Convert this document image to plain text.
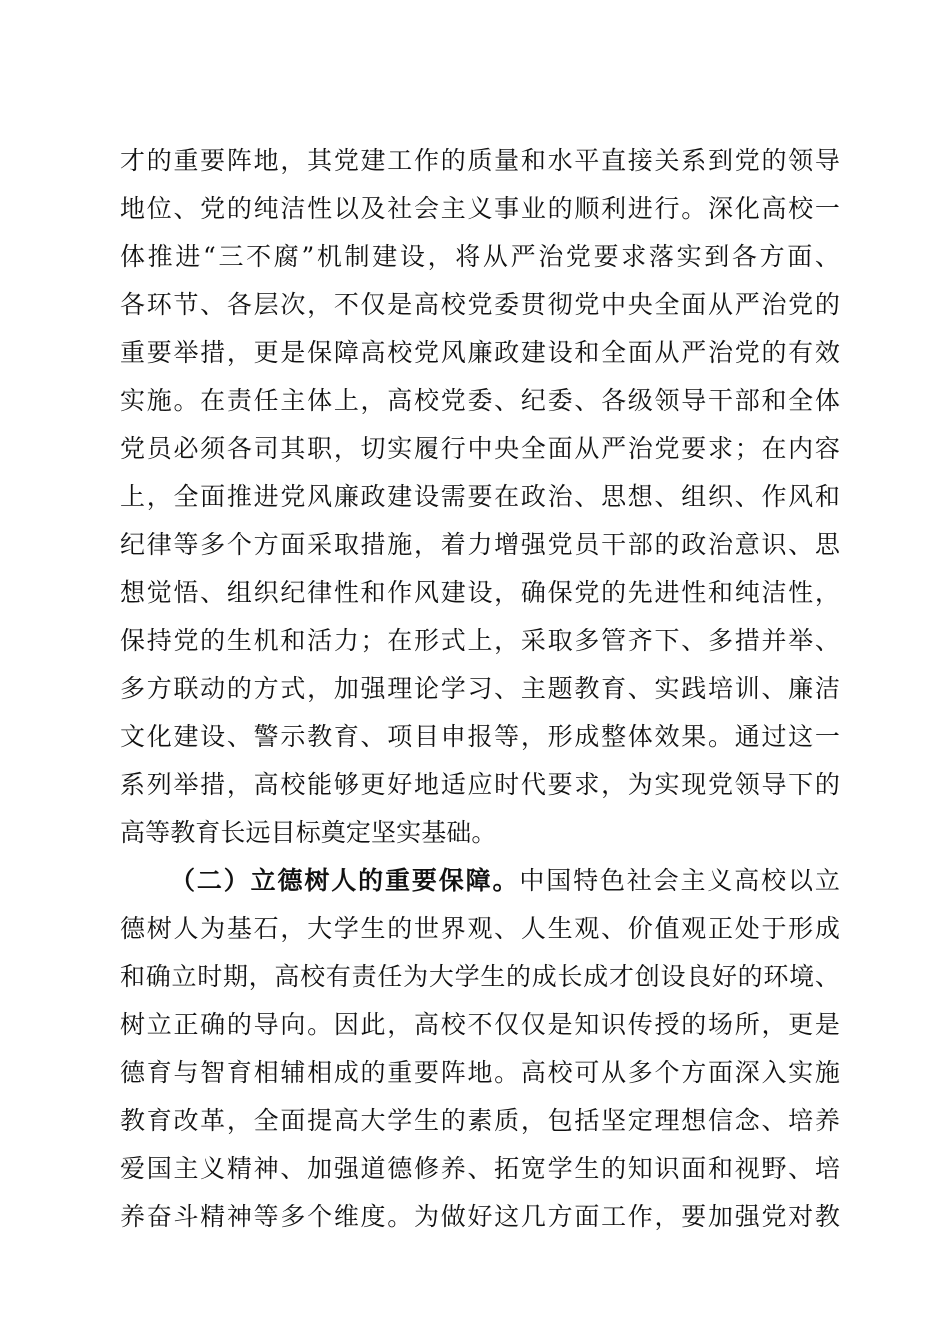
才的重要阵地，其党建工作的质量和水平直接关系到党的领导
地位、党的纯洁性以及社会主义事业的顺利进行。深化高校一
体推进“三不腐”机制建设，将从严治党要求落实到各方面、
各环节、各层次，不仅是高校党委贯彻党中央全面从严治党的
重要举措，更是保障高校党风廉政建设和全面从严治党的有效
实施。在责任主体上，高校党委、纪委、各级领导干部和全体
党员必须各司其职，切实履行中央全面从严治党要求；在内容
上，全面推进党风廉政建设需要在政治、思想、组织、作风和
纪律等多个方面采取措施，着力增强党员干部的政治意识、思
想觉悟、组织纪律性和作风建设，确保党的先进性和纯洁性，
保持党的生机和活力；在形式上，采取多管齐下、多措并举、
多方联动的方式，加强理论学习、主题教育、实践培训、廉洁
文化建设、警示教育、项目申报等，形成整体效果。通过这一
系列举措，高校能够更好地适应时代要求，为实现党领导下的
高等教育长远目标奠定坚实基础。
（二）立德树人的重要保障。中国特色社会主义高校以立
德树人为基石，大学生的世界观、人生观、价值观正处于形成
和确立时期，高校有责任为大学生的成长成才创设良好的环境、
树立正确的导向。因此，高校不仅仅是知识传授的场所，更是
德育与智育相辅相成的重要阵地。高校可从多个方面深入实施
教育改革，全面提高大学生的素质，包括坚定理想信念、培养
爱国主义精神、加强道德修养、拓宽学生的知识面和视野、培
养奋斗精神等多个维度。为做好这几方面工作，要加强党对教
